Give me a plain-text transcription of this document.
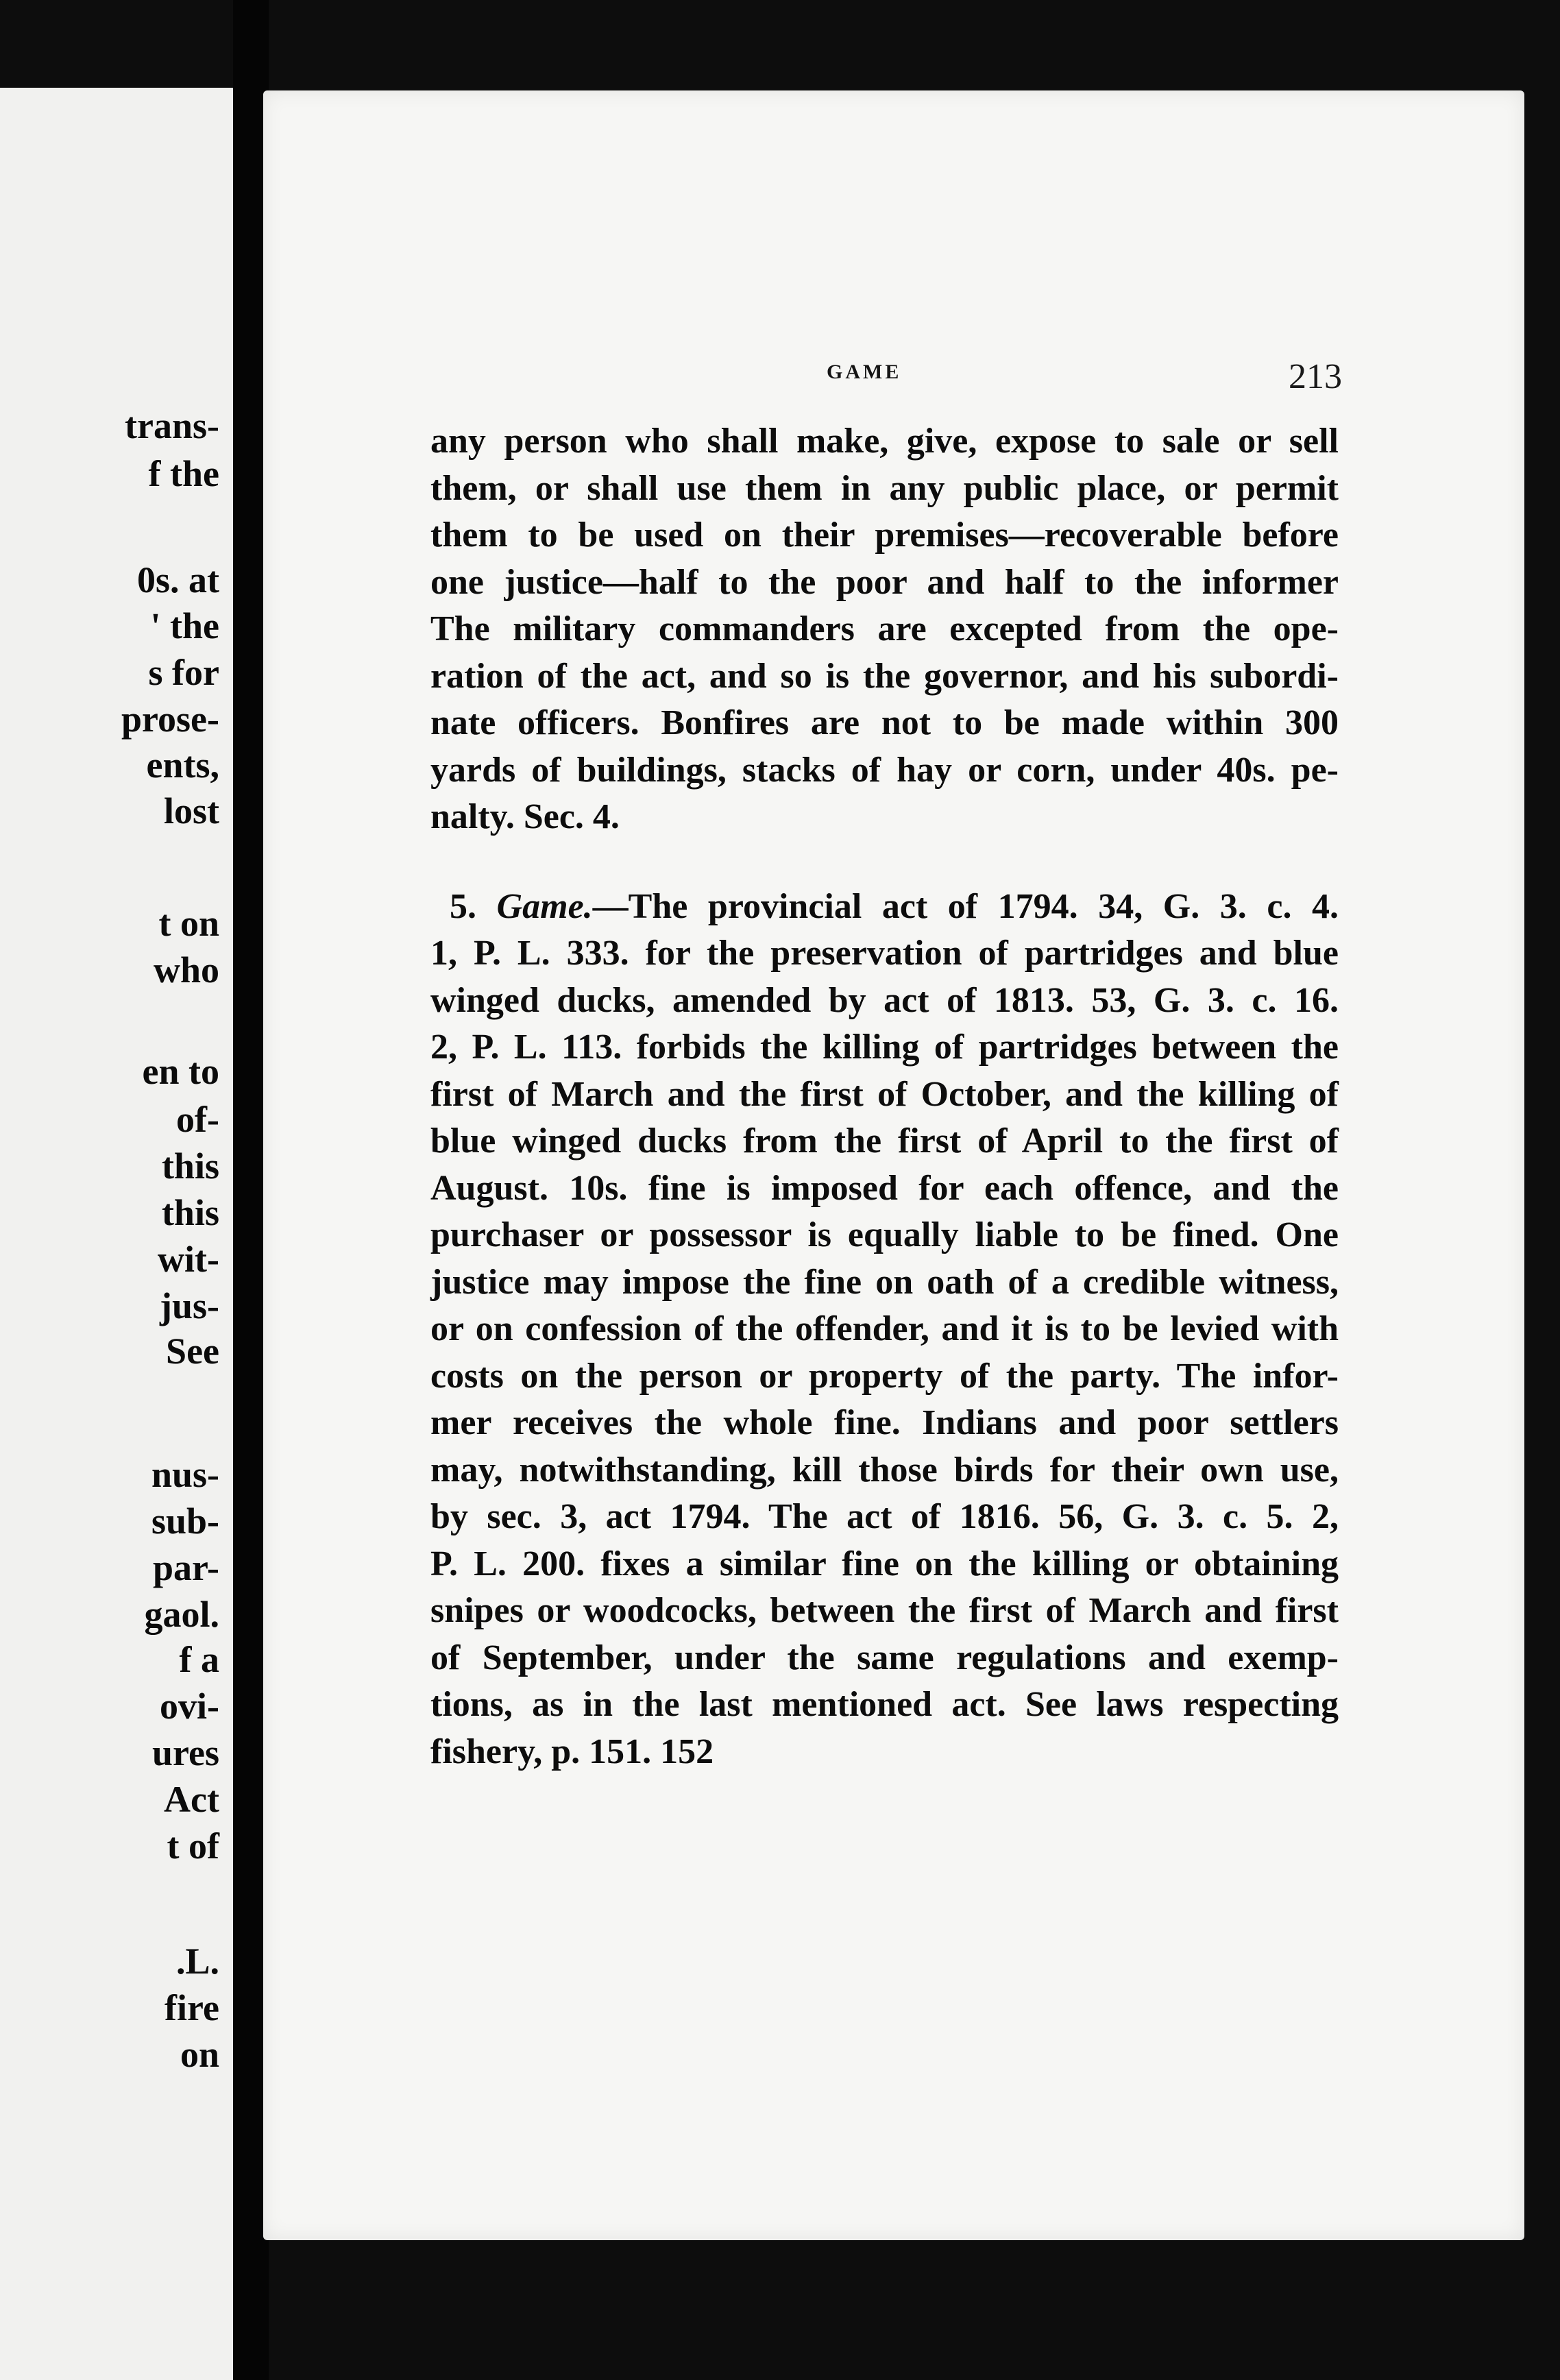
trans-
f the
0s. at
' the
s for
prose-
ents,
lost
t on
who
en to
of-
this
this
wit-
jus-
See
nus-
sub-
par-
gaol.
f a
ovi-
ures
Act
t of
.L.
fire
on
GAME	213
any person who shall make, give, expose to sale or sell
them, or shall use them in any public place, or permit
them to be used on their premises—recoverable before
one justice—half to the poor and half to the informer
The military commanders are excepted from the ope-
ration of the act, and so is the governor, and his subordi-
nate officers. Bonfires are not to be made within 300
yards of buildings, stacks of hay or corn, under 40s. pe-
nalty. Sec. 4.
5. Game.—The provincial act of 1794. 34, G. 3. c. 4.
1, P. L. 333. for the preservation of partridges and blue
winged ducks, amended by act of 1813. 53, G. 3. c. 16.
2, P. L. 113. forbids the killing of partridges between the
first of March and the first of October, and the killing of
blue winged ducks from the first of April to the first of
August. 10s. fine is imposed for each offence, and the
purchaser or possessor is equally liable to be fined. One
justice may impose the fine on oath of a credible witness,
or on confession of the offender, and it is to be levied with
costs on the person or property of the party. The infor-
mer receives the whole fine. Indians and poor settlers
may, notwithstanding, kill those birds for their own use,
by sec. 3, act 1794. The act of 1816. 56, G. 3. c. 5. 2,
P. L. 200. fixes a similar fine on the killing or obtaining
snipes or woodcocks, between the first of March and first
of September, under the same regulations and exemp-
tions, as in the last mentioned act. See laws respecting
fishery, p. 151. 152
